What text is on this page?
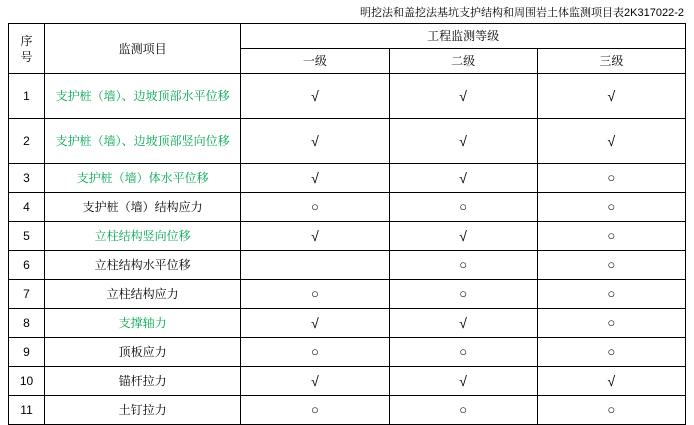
明挖法和盖挖法基坑支护结构和周围岩土体监测项目表2K317022-2
序
号	监测项目	工程监测等级		
		一级	二级	三级
1	支护桩（墙）、边坡顶部水平位移	√	√	√
2	支护桩（墙）、边坡顶部竖向位移	√	√	√
3	支护桩（墙）体水平位移	√	√	○
4	支护桩（墙）结构应力	○	○	○
5	立柱结构竖向位移	√	√	○
6	立柱结构水平位移		○	○
7	立柱结构应力	○	○	○
8	支撑轴力	√	√	○
9	顶板应力	○	○	○
10	锚杆拉力	√	√	√
11	土钉拉力	○	○	○
